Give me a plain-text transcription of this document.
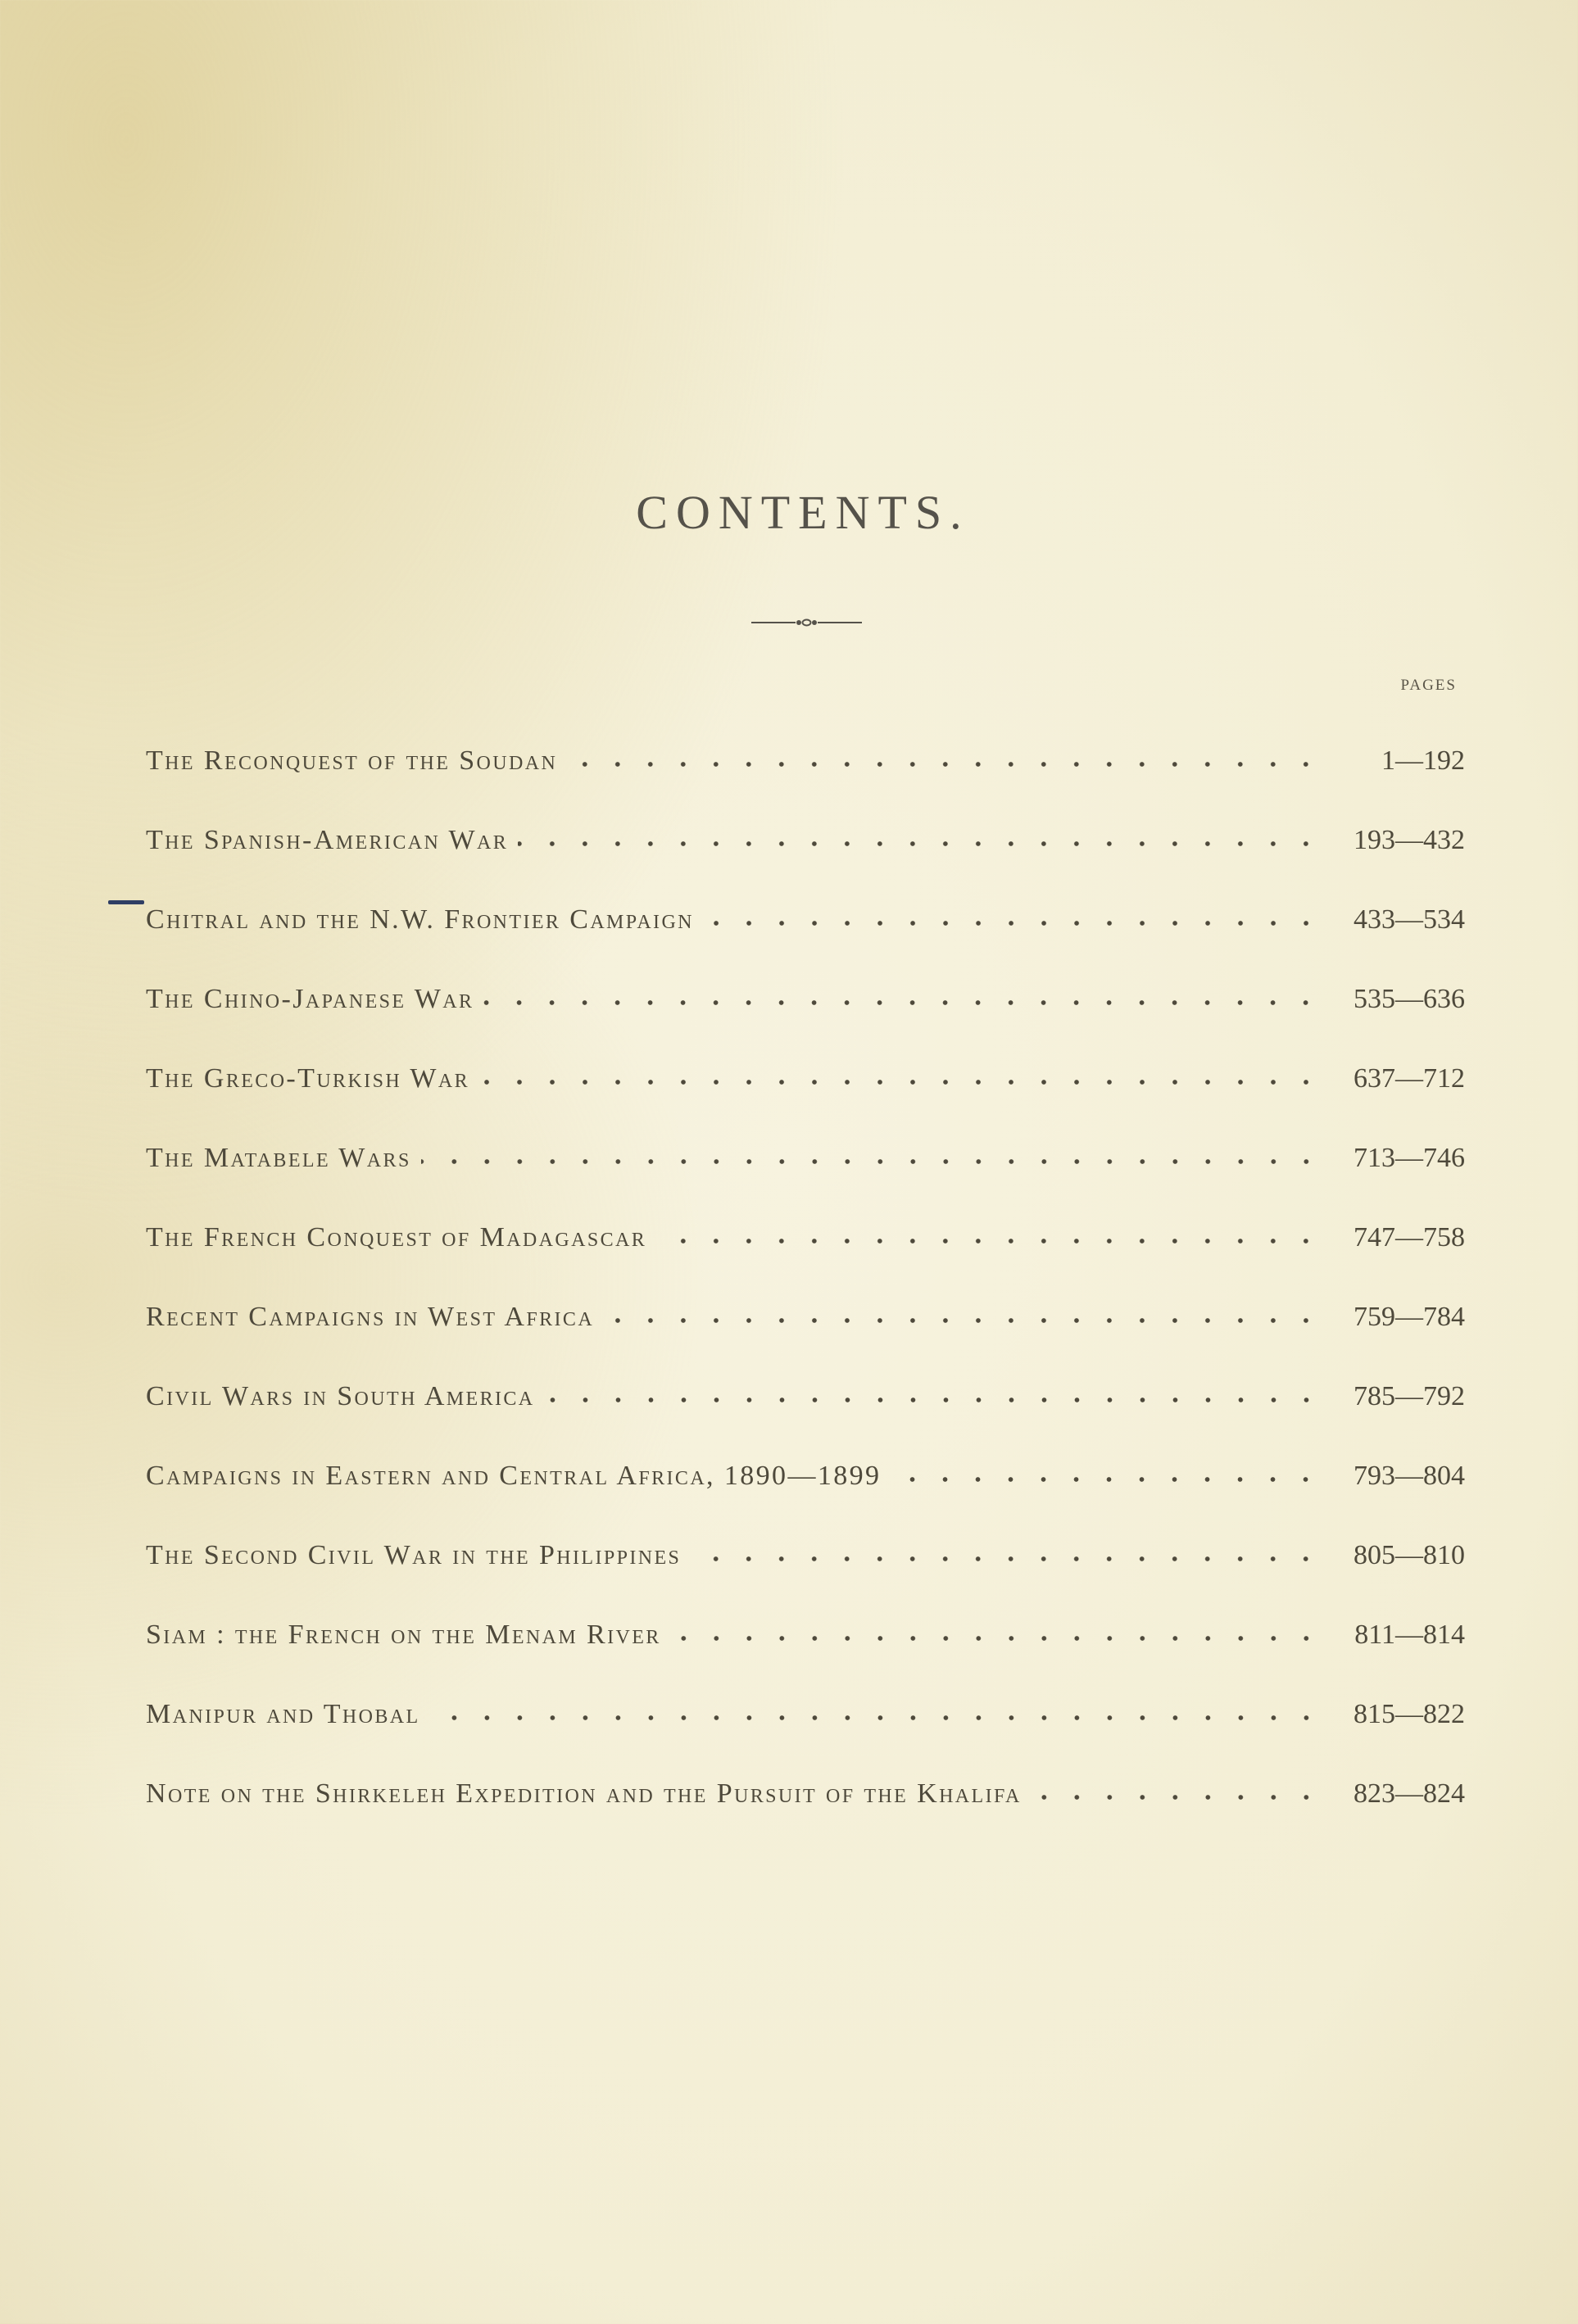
CONTENTS.
PAGES
The Reconquest of the Soudan	1—192
The Spanish-American War	193—432
Chitral and the N.W. Frontier Campaign	433—534
The Chino-Japanese War	535—636
The Greco-Turkish War	637—712
The Matabele Wars	713—746
The French Conquest of Madagascar	747—758
Recent Campaigns in West Africa	759—784
Civil Wars in South America	785—792
Campaigns in Eastern and Central Africa, 1890—1899	793—804
The Second Civil War in the Philippines	805—810
Siam : the French on the Menam River	811—814
Manipur and Thobal	815—822
Note on the Shirkeleh Expedition and the Pursuit of the Khalifa	823—824
